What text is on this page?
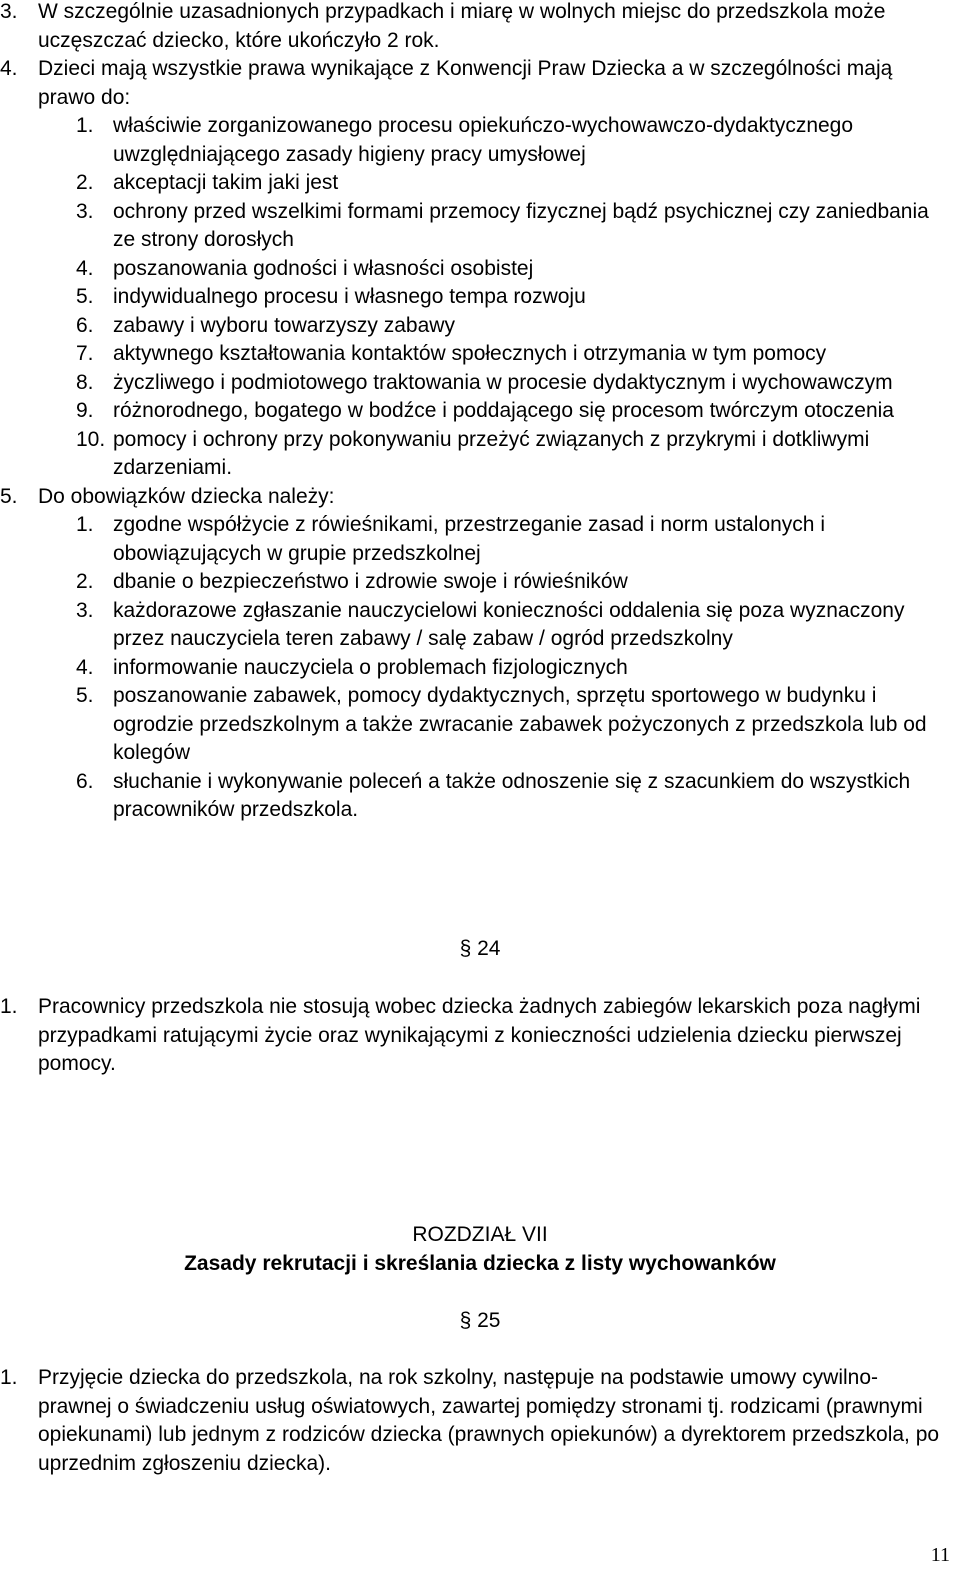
3. W szczególnie uzasadnionych przypadkach i miarę w wolnych miejsc do przedszkola może uczęszczać dziecko, które ukończyło 2 rok.
4. Dzieci mają wszystkie prawa wynikające z Konwencji Praw Dziecka a w szczególności mają prawo do:
1. właściwie zorganizowanego procesu opiekuńczo-wychowawczo-dydaktycznego uwzględniającego zasady higieny pracy umysłowej
2. akceptacji takim jaki jest
3. ochrony przed wszelkimi formami przemocy fizycznej bądź psychicznej czy zaniedbania ze strony dorosłych
4. poszanowania godności i własności osobistej
5. indywidualnego procesu i własnego tempa rozwoju
6. zabawy i wyboru towarzyszy zabawy
7. aktywnego kształtowania kontaktów społecznych i otrzymania w tym pomocy
8. życzliwego i podmiotowego traktowania w procesie dydaktycznym i wychowawczym
9. różnorodnego, bogatego w bodźce i poddającego się procesom twórczym otoczenia
10. pomocy i ochrony przy pokonywaniu przeżyć związanych z przykrymi i dotkliwymi zdarzeniami.
5. Do obowiązków dziecka należy:
1. zgodne współżycie z rówieśnikami, przestrzeganie zasad i norm ustalonych i obowiązujących w grupie przedszkolnej
2. dbanie o bezpieczeństwo i zdrowie swoje i rówieśników
3. każdorazowe zgłaszanie nauczycielowi konieczności oddalenia się poza wyznaczony przez nauczyciela teren zabawy / salę zabaw / ogród przedszkolny
4. informowanie nauczyciela o problemach fizjologicznych
5. poszanowanie zabawek, pomocy dydaktycznych, sprzętu sportowego w budynku i ogrodzie przedszkolnym a także zwracanie zabawek pożyczonych z przedszkola lub od kolegów
6. słuchanie i wykonywanie poleceń a także odnoszenie się z szacunkiem do wszystkich pracowników przedszkola.
§ 24
1. Pracownicy przedszkola nie stosują wobec dziecka żadnych zabiegów lekarskich poza nagłymi przypadkami ratującymi życie oraz wynikającymi z konieczności udzielenia dziecku pierwszej pomocy.
ROZDZIAŁ VII
Zasady rekrutacji i skreślania dziecka z listy wychowanków
§ 25
1. Przyjęcie dziecka do przedszkola, na rok szkolny, następuje na podstawie umowy cywilno-prawnej o świadczeniu usług oświatowych, zawartej pomiędzy stronami tj. rodzicami (prawnymi opiekunami) lub jednym z rodziców dziecka (prawnych opiekunów) a dyrektorem przedszkola, po uprzednim zgłoszeniu dziecka).
11
